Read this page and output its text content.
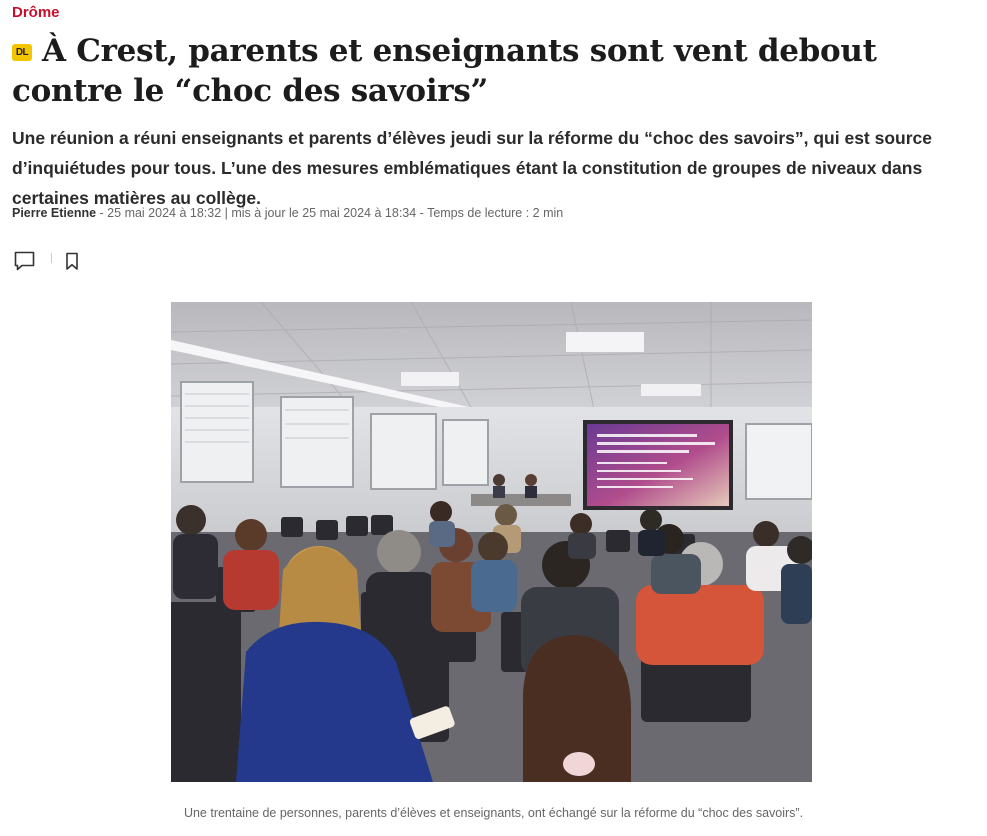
Drôme
DL À Crest, parents et enseignants sont vent debout contre le “choc des savoirs”

Une réunion a réuni enseignants et parents d’élèves jeudi sur la réforme du “choc des savoirs”, qui est source d’inquiétudes pour tous. L’une des mesures emblématiques étant la constitution de groupes de niveaux dans certaines matières au collège.

Pierre Etienne - 25 mai 2024 à 18:32 | mis à jour le 25 mai 2024 à 18:34 - Temps de lecture : 2 min
Une trentaine de personnes, parents d’élèves et enseignants, ont échangé sur la réforme du “choc des savoirs”.
